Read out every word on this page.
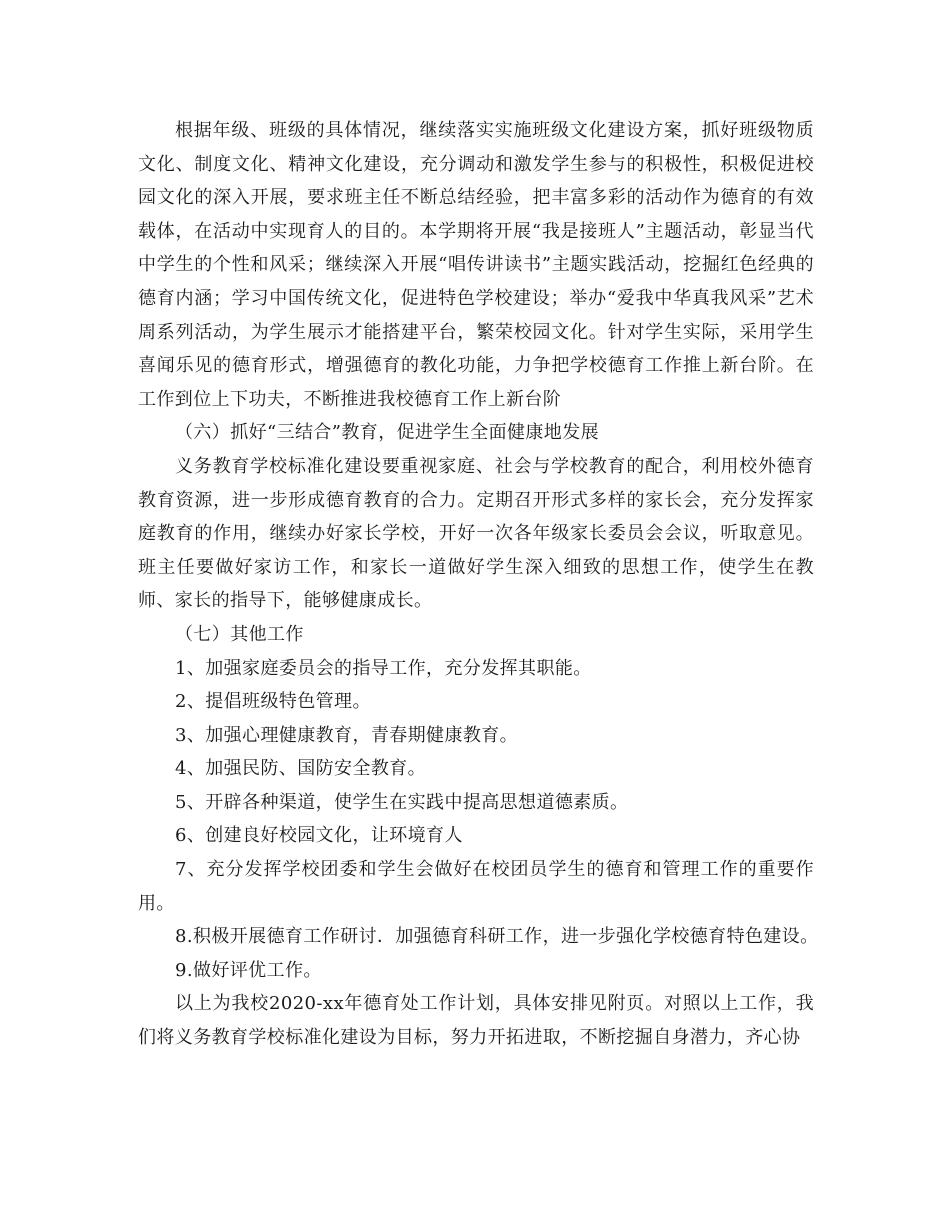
根据年级、班级的具体情况，继续落实实施班级文化建设方案，抓好班级物质文化、制度文化、精神文化建设，充分调动和激发学生参与的积极性，积极促进校园文化的深入开展，要求班主任不断总结经验，把丰富多彩的活动作为德育的有效载体，在活动中实现育人的目的。本学期将开展“我是接班人”主题活动，彰显当代中学生的个性和风采；继续深入开展“唱传讲读书”主题实践活动，挖掘红色经典的德育内涵；学习中国传统文化，促进特色学校建设；举办“爱我中华真我风采”艺术周系列活动，为学生展示才能搭建平台，繁荣校园文化。针对学生实际，采用学生喜闻乐见的德育形式，增强德育的教化功能，力争把学校德育工作推上新台阶。在工作到位上下功夫，不断推进我校德育工作上新台阶

（六）抓好“三结合”教育，促进学生全面健康地发展

义务教育学校标准化建设要重视家庭、社会与学校教育的配合，利用校外德育教育资源，进一步形成德育教育的合力。定期召开形式多样的家长会，充分发挥家庭教育的作用，继续办好家长学校，开好一次各年级家长委员会会议，听取意见。班主任要做好家访工作，和家长一道做好学生深入细致的思想工作，使学生在教师、家长的指导下，能够健康成长。

（七）其他工作

1、加强家庭委员会的指导工作，充分发挥其职能。

2、提倡班级特色管理。

3、加强心理健康教育，青春期健康教育。

4、加强民防、国防安全教育。

5、开辟各种渠道，使学生在实践中提高思想道德素质。

6、创建良好校园文化，让环境育人

7、充分发挥学校团委和学生会做好在校团员学生的德育和管理工作的重要作用。

8.积极开展德育工作研讨．加强德育科研工作，进一步强化学校德育特色建设。

9.做好评优工作。

以上为我校2020-xx年德育处工作计划，具体安排见附页。对照以上工作，我们将义务教育学校标准化建设为目标，努力开拓进取，不断挖掘自身潜力，齐心协
